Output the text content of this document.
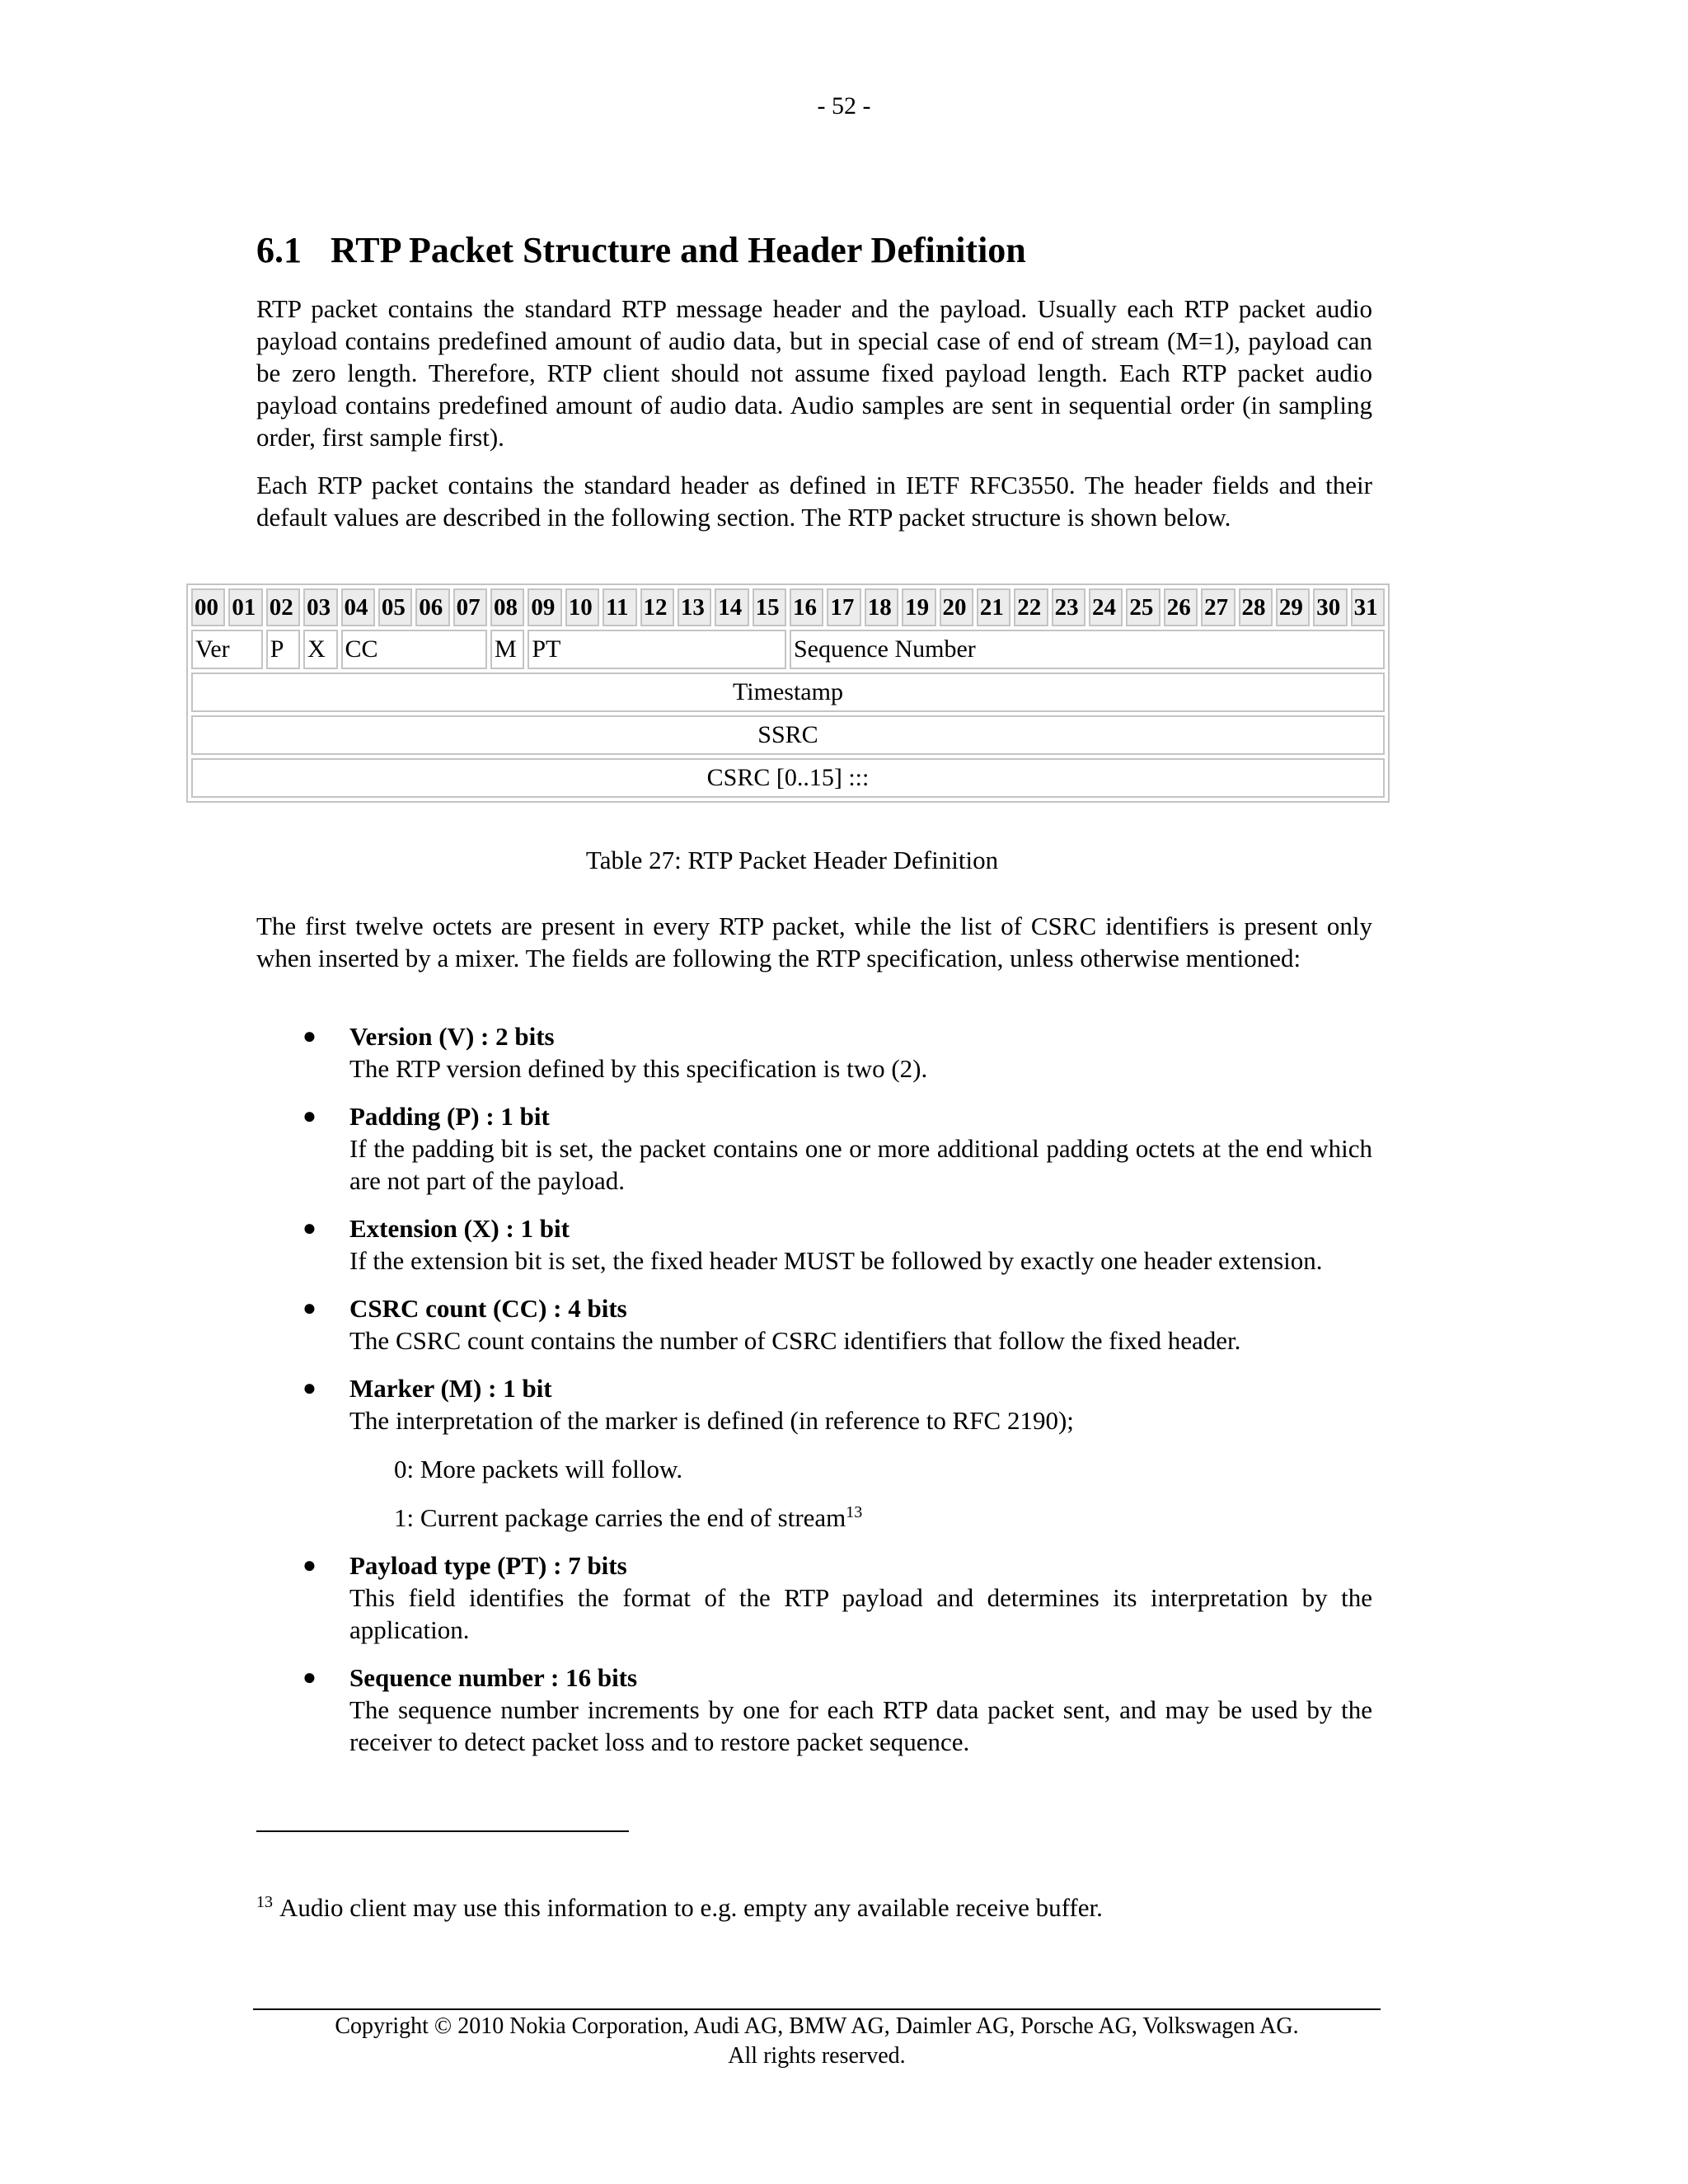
- 52 -
6.1 RTP Packet Structure and Header Definition

RTP packet contains the standard RTP message header and the payload. Usually each RTP packet audio payload contains predefined amount of audio data, but in special case of end of stream (M=1), payload can be zero length. Therefore, RTP client should not assume fixed payload length. Each RTP packet audio payload contains predefined amount of audio data. Audio samples are sent in sequential order (in sampling order, first sample first).

Each RTP packet contains the standard header as defined in IETF RFC3550. The header fields and their default values are described in the following section. The RTP packet structure is shown below.

00	01	02	03	04	05	06	07	08	09	10	11	12	13	14	15	16	17	18	19	20	21	22	23	24	25	26	27	28	29	30	31
Ver		P	X	CC				M	PT							Sequence Number															
Timestamp																															
SSRC																															
CSRC [0..15] :::																															
Table 27: RTP Packet Header Definition

The first twelve octets are present in every RTP packet, while the list of CSRC identifiers is present only when inserted by a mixer. The fields are following the RTP specification, unless otherwise mentioned:

● Version (V) : 2 bits
The RTP version defined by this specification is two (2).
● Padding (P) : 1 bit
If the padding bit is set, the packet contains one or more additional padding octets at the end which are not part of the payload.
● Extension (X) : 1 bit
If the extension bit is set, the fixed header MUST be followed by exactly one header extension.
● CSRC count (CC) : 4 bits
The CSRC count contains the number of CSRC identifiers that follow the fixed header.
● Marker (M) : 1 bit
The interpretation of the marker is defined (in reference to RFC 2190);
0: More packets will follow.
1: Current package carries the end of stream$^{13}$
● Payload type (PT) : 7 bits
This field identifies the format of the RTP payload and determines its interpretation by the application.
● Sequence number : 16 bits
The sequence number increments by one for each RTP data packet sent, and may be used by the receiver to detect packet loss and to restore packet sequence.
$^{13}$ Audio client may use this information to e.g. empty any available receive buffer.
Copyright © 2010 Nokia Corporation, Audi AG, BMW AG, Daimler AG, Porsche AG, Volkswagen AG.
All rights reserved.
